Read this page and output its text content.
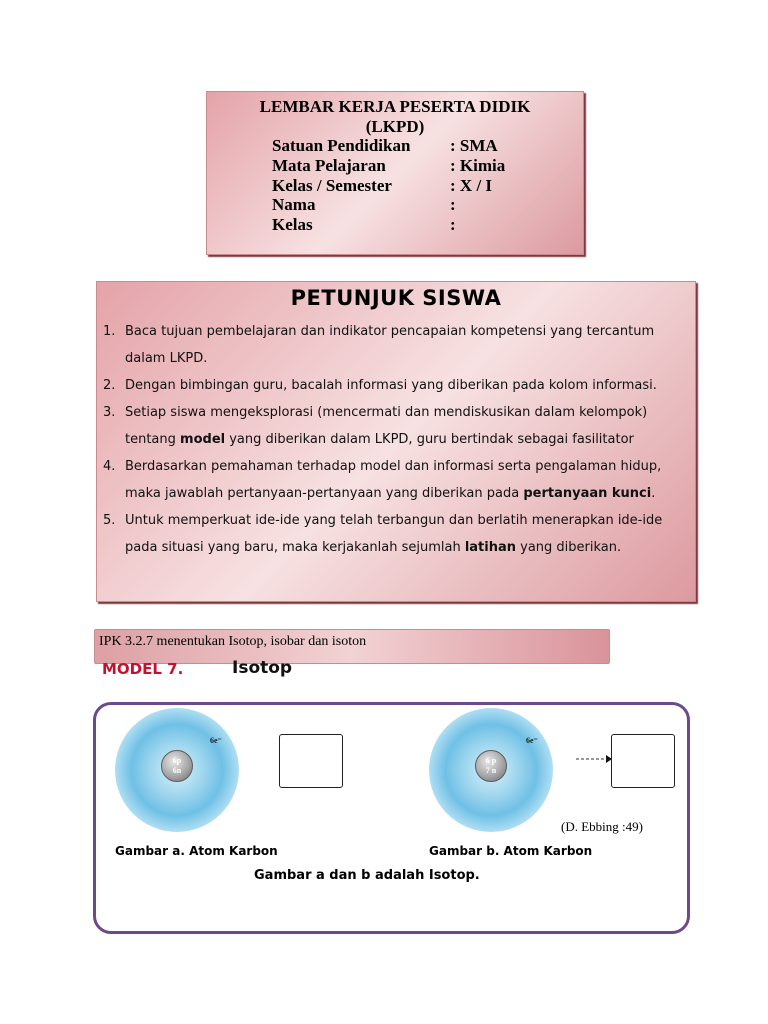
LEMBAR KERJA PESERTA DIDIK
(LKPD)
Satuan Pendidikan : SMA
Mata Pelajaran	: Kimia
Kelas / Semester	: X / I
Nama	:
Kelas	:
PETUNJUK SISWA
1. Baca tujuan pembelajaran dan indikator pencapaian kompetensi yang tercantum dalam LKPD.
2. Dengan bimbingan guru, bacalah informasi yang diberikan pada kolom informasi.
3. Setiap siswa mengeksplorasi (mencermati dan mendiskusikan dalam kelompok) tentang model yang diberikan dalam LKPD, guru bertindak sebagai fasilitator
4. Berdasarkan pemahaman terhadap model dan informasi serta pengalaman hidup, maka jawablah pertanyaan-pertanyaan yang diberikan pada pertanyaan kunci.
5. Untuk memperkuat ide-ide yang telah terbangun dan berlatih menerapkan ide-ide pada situasi yang baru, maka kerjakanlah sejumlah latihan yang diberikan.
IPK 3.2.7 menentukan Isotop, isobar dan isoton
MODEL 7.	Isotop
6p
6n
6e⁻
Gambar a. Atom Karbon
6 p
7 n
6e⁻
Gambar b. Atom Karbon
(D. Ebbing :49)
Gambar a dan b adalah Isotop.
